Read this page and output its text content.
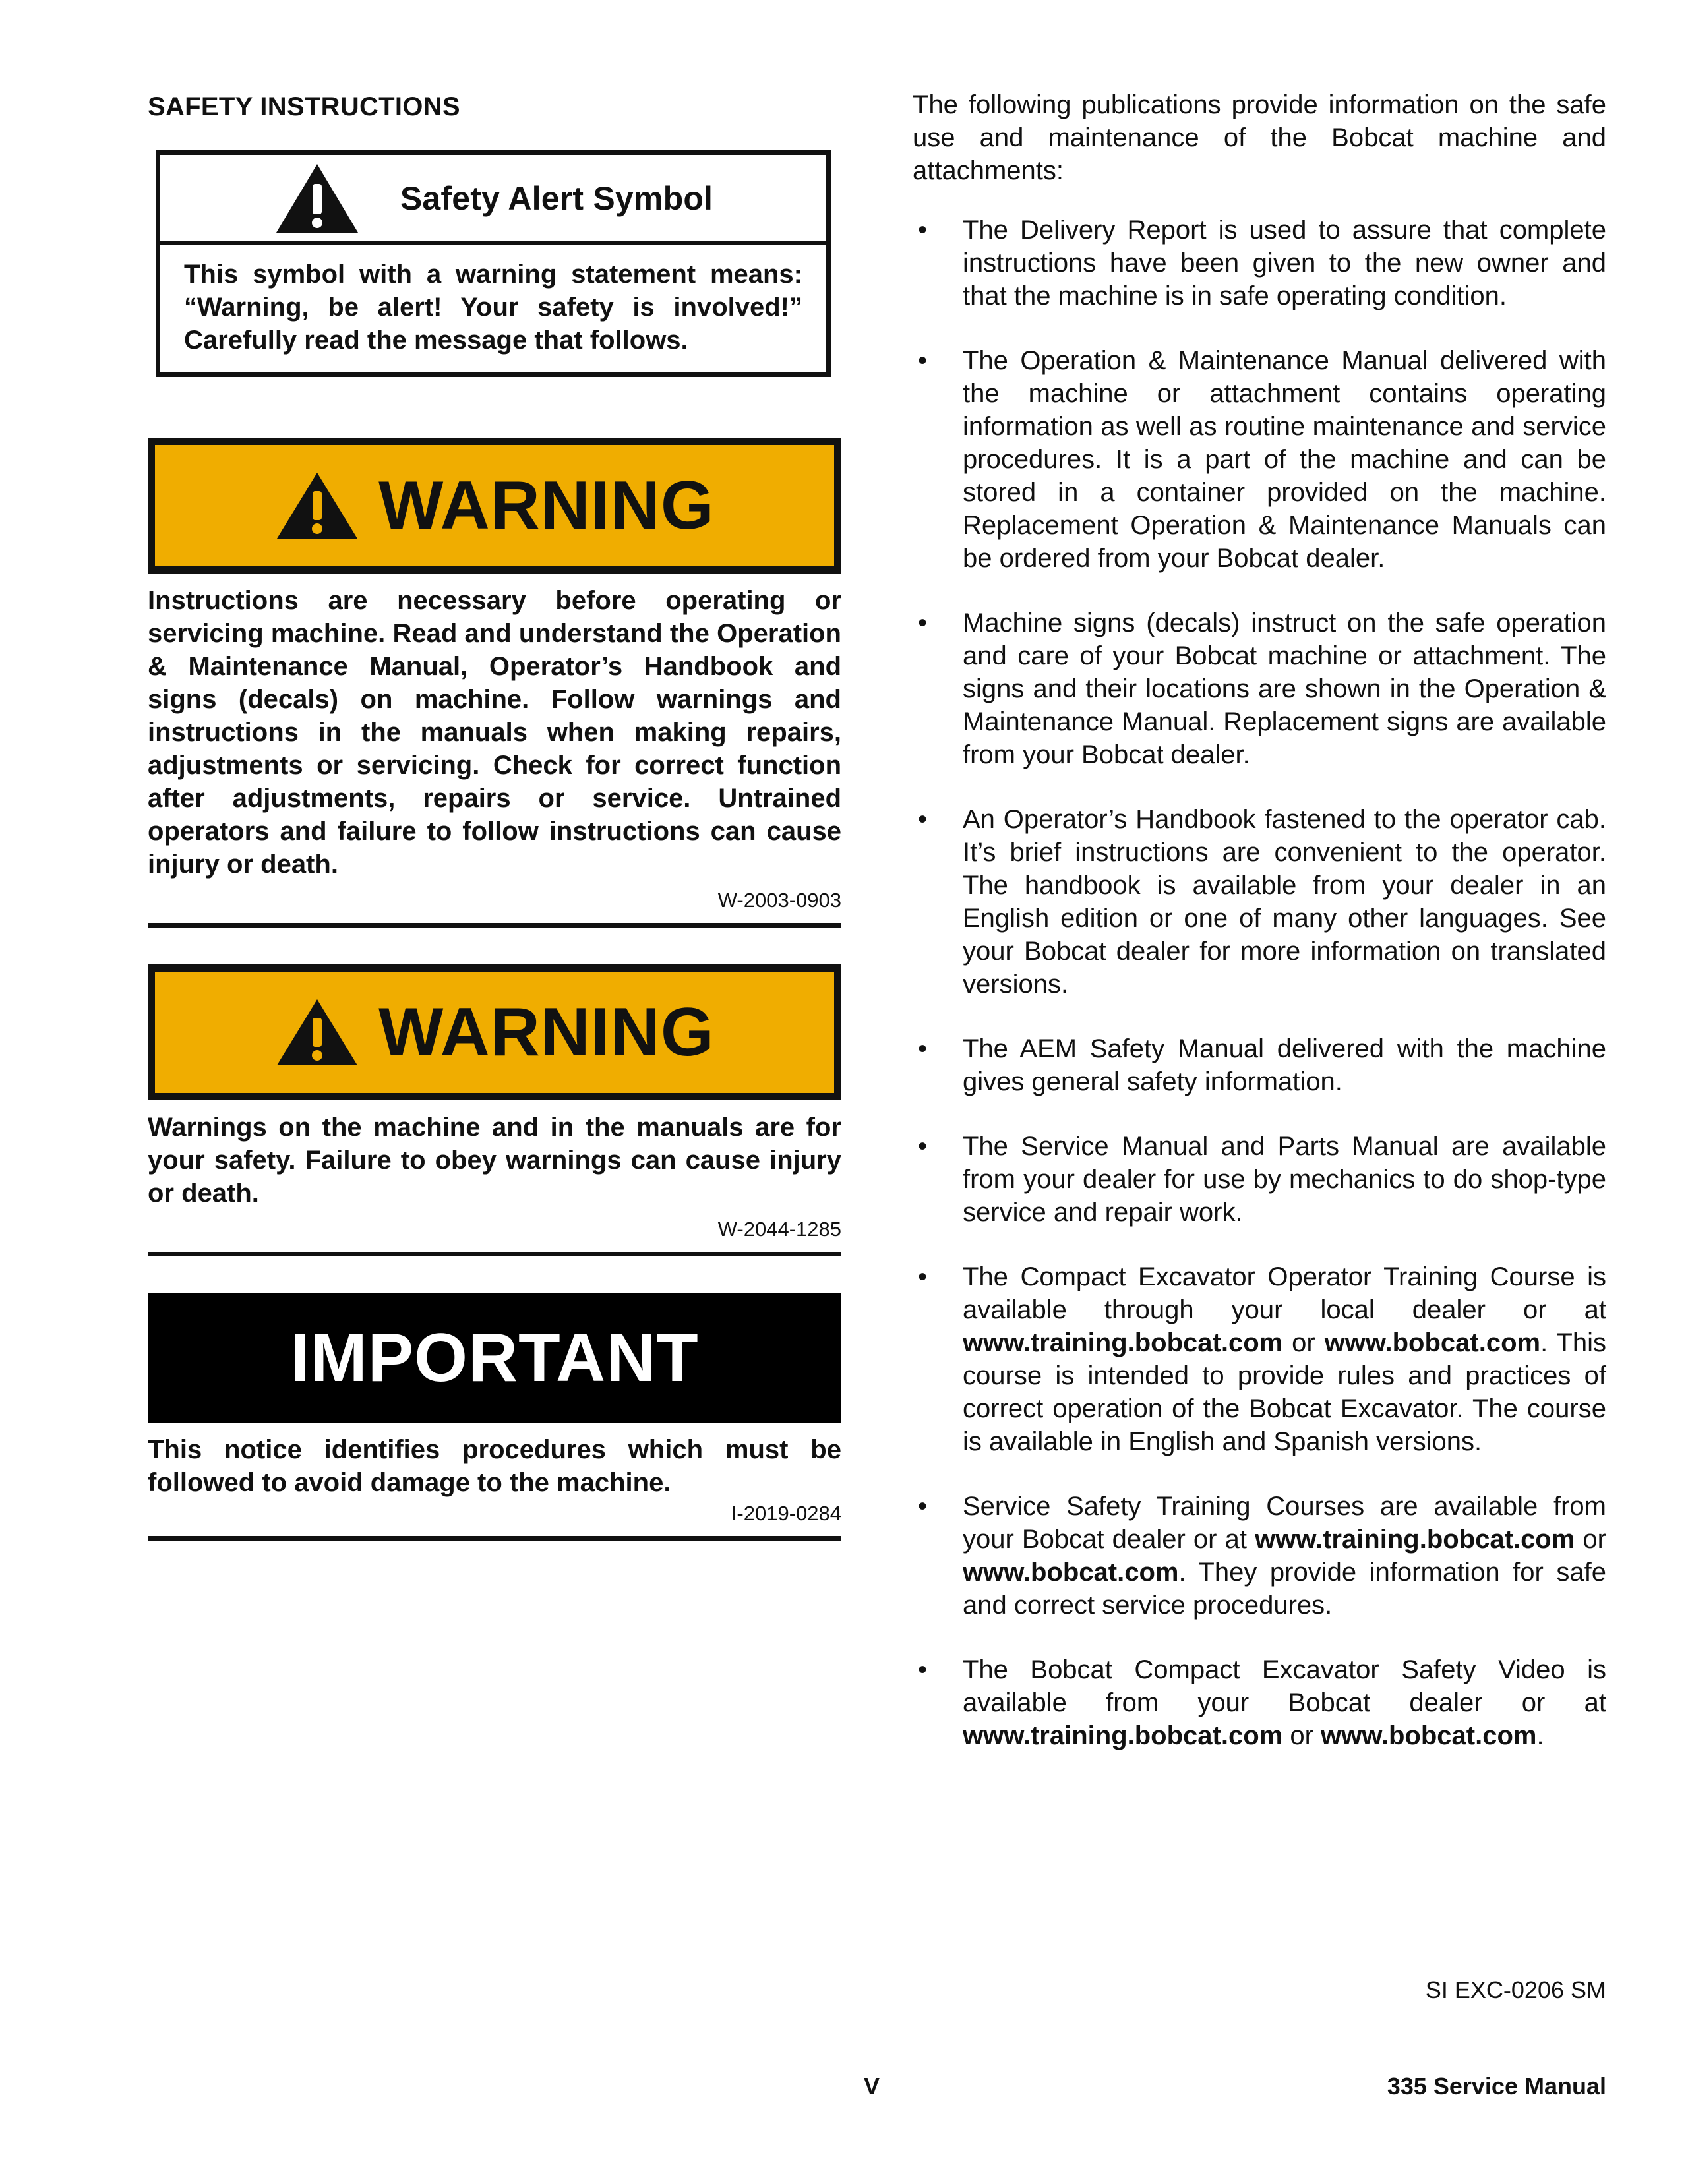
SAFETY INSTRUCTIONS
Safety Alert Symbol
This symbol with a warning statement means: “Warning, be alert! Your safety is involved!” Carefully read the message that follows.
WARNING
Instructions are necessary before operating or servicing machine. Read and understand the Operation & Maintenance Manual, Operator’s Handbook and signs (decals) on machine. Follow warnings and instructions in the manuals when making repairs, adjustments or servicing. Check for correct function after adjustments, repairs or service. Untrained operators and failure to follow instructions can cause injury or death.
W-2003-0903
WARNING
Warnings on the machine and in the manuals are for your safety. Failure to obey warnings can cause injury or death.
W-2044-1285
IMPORTANT
This notice identifies procedures which must be followed to avoid damage to the machine.
I-2019-0284

The following publications provide information on the safe use and maintenance of the Bobcat machine and attachments:

• The Delivery Report is used to assure that complete instructions have been given to the new owner and that the machine is in safe operating condition.
• The Operation & Maintenance Manual delivered with the machine or attachment contains operating information as well as routine maintenance and service procedures. It is a part of the machine and can be stored in a container provided on the machine. Replacement Operation & Maintenance Manuals can be ordered from your Bobcat dealer.
• Machine signs (decals) instruct on the safe operation and care of your Bobcat machine or attachment. The signs and their locations are shown in the Operation & Maintenance Manual. Replacement signs are available from your Bobcat dealer.
• An Operator’s Handbook fastened to the operator cab. It’s brief instructions are convenient to the operator. The handbook is available from your dealer in an English edition or one of many other languages. See your Bobcat dealer for more information on translated versions.
• The AEM Safety Manual delivered with the machine gives general safety information.
• The Service Manual and Parts Manual are available from your dealer for use by mechanics to do shop-type service and repair work.
• The Compact Excavator Operator Training Course is available through your local dealer or at www.training.bobcat.com or www.bobcat.com. This course is intended to provide rules and practices of correct operation of the Bobcat Excavator. The course is available in English and Spanish versions.
• Service Safety Training Courses are available from your Bobcat dealer or at www.training.bobcat.com or www.bobcat.com. They provide information for safe and correct service procedures.
• The Bobcat Compact Excavator Safety Video is available from your Bobcat dealer or at www.training.bobcat.com or www.bobcat.com.
SI EXC-0206 SM
V	335 Service Manual
